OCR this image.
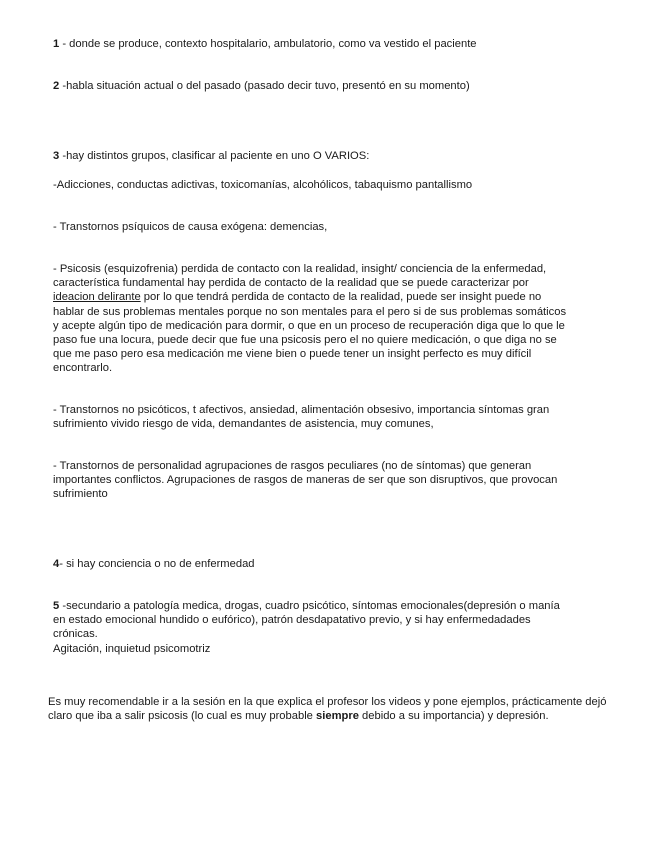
1 - donde se produce, contexto hospitalario, ambulatorio, como va vestido el paciente

2 -habla situación actual o del pasado (pasado decir tuvo, presentó en su momento)

3 -hay distintos grupos, clasificar al paciente en uno O VARIOS:

-Adicciones, conductas adictivas, toxicomanías, alcohólicos, tabaquismo pantallismo

- Transtornos psíquicos de causa exógena: demencias,

- Psicosis (esquizofrenia) perdida de contacto con la realidad, insight/ conciencia de la enfermedad, característica fundamental hay perdida de contacto de la realidad que se puede caracterizar por ideacion delirante por lo que tendrá perdida de contacto de la realidad, puede ser insight puede no hablar de sus problemas mentales porque no son mentales para el pero si de sus problemas somáticos y acepte algún tipo de medicación para dormir, o que en un proceso de recuperación diga que lo que le paso fue una locura, puede decir que fue una psicosis pero el no quiere medicación, o que diga no se que me paso pero esa medicación me viene bien o puede tener un insight perfecto es muy difícil encontrarlo.

- Transtornos no psicóticos, t afectivos, ansiedad, alimentación obsesivo, importancia síntomas gran sufrimiento vivido riesgo de vida, demandantes de asistencia, muy comunes,

- Transtornos de personalidad agrupaciones de rasgos peculiares (no de síntomas) que generan importantes conflictos. Agrupaciones de rasgos de maneras de ser que son disruptivos, que provocan sufrimiento

4- si hay conciencia o no de enfermedad

5 -secundario a patología medica, drogas, cuadro psicótico, síntomas emocionales(depresión o manía en estado emocional hundido o eufórico), patrón desdapatativo previo, y si hay enfermedadades crónicas.
Agitación, inquietud psicomotriz

Es muy recomendable ir a la sesión en la que explica el profesor los videos y pone ejemplos, prácticamente dejó claro que iba a salir psicosis (lo cual es muy probable siempre debido a su importancia) y depresión.
